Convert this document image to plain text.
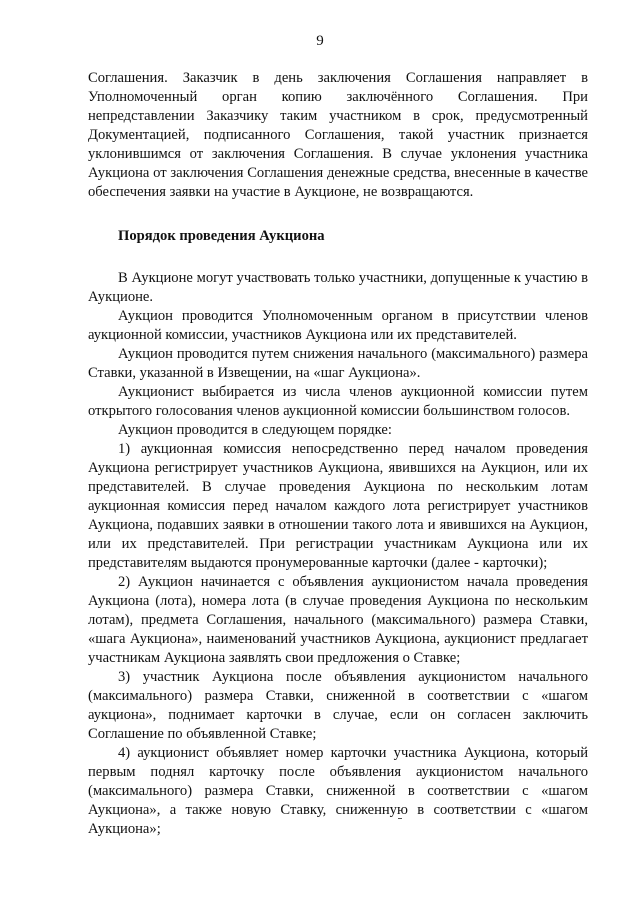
9

Соглашения. Заказчик в день заключения Соглашения направляет в Уполномоченный орган копию заключённого Соглашения. При непредставлении Заказчику таким участником в срок, предусмотренный Документацией, подписанного Соглашения, такой участник признается уклонившимся от заключения Соглашения. В случае уклонения участника Аукциона от заключения Соглашения денежные средства, внесенные в качестве обеспечения заявки на участие в Аукционе, не возвращаются.

Порядок проведения Аукциона

В Аукционе могут участвовать только участники, допущенные к участию в Аукционе.

Аукцион проводится Уполномоченным органом в присутствии членов аукционной комиссии, участников Аукциона или их представителей.

Аукцион проводится путем снижения начального (максимального) размера Ставки, указанной в Извещении, на «шаг Аукциона».

Аукционист выбирается из числа членов аукционной комиссии путем открытого голосования членов аукционной комиссии большинством голосов.

Аукцион проводится в следующем порядке:

1) аукционная комиссия непосредственно перед началом проведения Аукциона регистрирует участников Аукциона, явившихся на Аукцион, или их представителей. В случае проведения Аукциона по нескольким лотам аукционная комиссия перед началом каждого лота регистрирует участников Аукциона, подавших заявки в отношении такого лота и явившихся на Аукцион, или их представителей. При регистрации участникам Аукциона или их представителям выдаются пронумерованные карточки (далее - карточки);

2) Аукцион начинается с объявления аукционистом начала проведения Аукциона (лота), номера лота (в случае проведения Аукциона по нескольким лотам), предмета Соглашения, начального (максимального) размера Ставки, «шага Аукциона», наименований участников Аукциона, аукционист предлагает участникам Аукциона заявлять свои предложения о Ставке;

3) участник Аукциона после объявления аукционистом начального (максимального) размера Ставки, сниженной в соответствии с «шагом аукциона», поднимает карточки в случае, если он согласен заключить Соглашение по объявленной Ставке;

4) аукционист объявляет номер карточки участника Аукциона, который первым поднял карточку после объявления аукционистом начального (максимального) размера Ставки, сниженной в соответствии с «шагом Аукциона», а также новую Ставку, сниженную в соответствии с «шагом Аукциона»;
